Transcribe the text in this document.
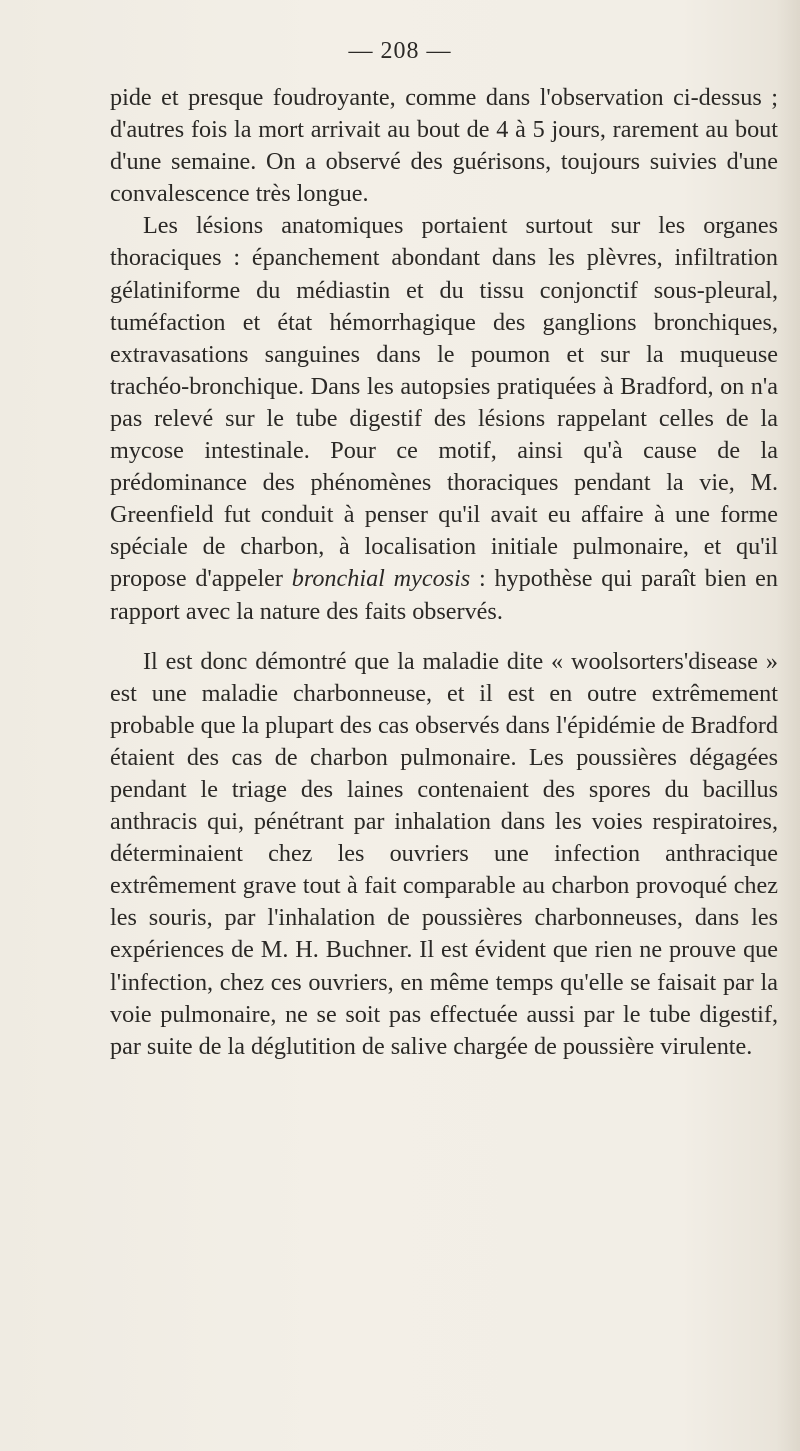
— 208 —

pide et presque foudroyante, comme dans l'observation ci-dessus ; d'autres fois la mort arrivait au bout de 4 à 5 jours, rarement au bout d'une semaine. On a observé des guérisons, toujours suivies d'une convalescence très longue.

Les lésions anatomiques portaient surtout sur les organes thoraciques : épanchement abondant dans les plèvres, infiltration gélatiniforme du médiastin et du tissu conjonctif sous-pleural, tuméfaction et état hémorrhagique des ganglions bronchiques, extravasations sanguines dans le poumon et sur la muqueuse trachéo-bronchique. Dans les autopsies pratiquées à Bradford, on n'a pas relevé sur le tube digestif des lésions rappelant celles de la mycose intestinale. Pour ce motif, ainsi qu'à cause de la prédominance des phénomènes thoraciques pendant la vie, M. Greenfield fut conduit à penser qu'il avait eu affaire à une forme spéciale de charbon, à localisation initiale pulmonaire, et qu'il propose d'appeler bronchial mycosis : hypothèse qui paraît bien en rapport avec la nature des faits observés.

Il est donc démontré que la maladie dite « woolsorters'disease » est une maladie charbonneuse, et il est en outre extrêmement probable que la plupart des cas observés dans l'épidémie de Bradford étaient des cas de charbon pulmonaire. Les poussières dégagées pendant le triage des laines contenaient des spores du bacillus anthracis qui, pénétrant par inhalation dans les voies respiratoires, déterminaient chez les ouvriers une infection anthracique extrêmement grave tout à fait comparable au charbon provoqué chez les souris, par l'inhalation de poussières charbonneuses, dans les expériences de M. H. Buchner. Il est évident que rien ne prouve que l'infection, chez ces ouvriers, en même temps qu'elle se faisait par la voie pulmonaire, ne se soit pas effectuée aussi par le tube digestif, par suite de la déglutition de salive chargée de poussière virulente.
